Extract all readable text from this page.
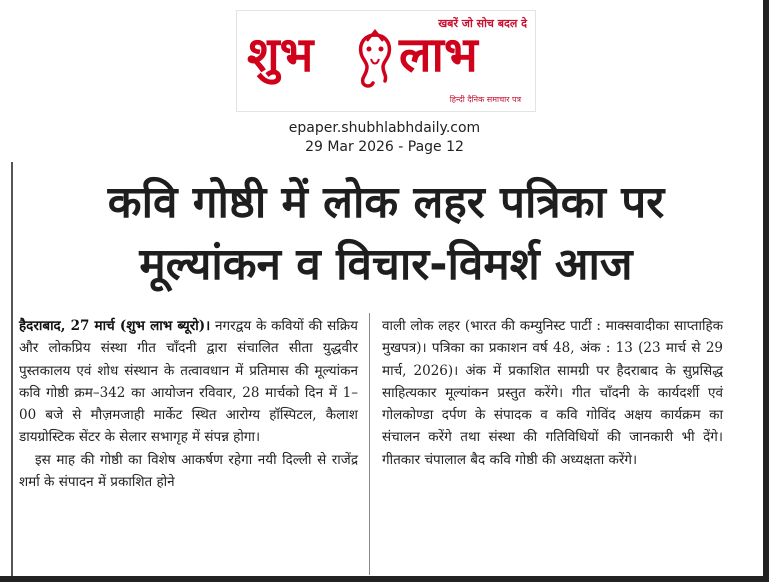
खबरें जो सोच बदल दे
शुभ लाभ
हिन्दी दैनिक समाचार पत्र
epaper.shubhlabhdaily.com
29 Mar 2026 - Page 12
कवि गोष्ठी में लोक लहर पत्रिका पर
मूल्यांकन व विचार-विमर्श आज

हैदराबाद, 27 मार्च (शुभ लाभ ब्यूरो)। नगरद्वय के कवियों की सक्रिय और लोकप्रिय संस्था गीत चाँदनी द्वारा संचालित सीता युद्धवीर पुस्तकालय एवं शोध संस्थान के तत्वावधान में प्रतिमास की मूल्यांकन कवि गोष्ठी क्रम–342 का आयोजन रविवार, 28 मार्चको दिन में 1–00 बजे से मौज़मजाही मार्केट स्थित आरोग्य हॉस्पिटल, कैलाश डायग्रोस्टिक सेंटर के सेलार सभागृह में संपन्न होगा।

इस माह की गोष्ठी का विशेष आकर्षण रहेगा नयी दिल्ली से राजेंद्र शर्मा के संपादन में प्रकाशित होने

वाली लोक लहर (भारत की कम्युनिस्ट पार्टी : माक्सवादीका साप्ताहिक मुखपत्र)। पत्रिका का प्रकाशन वर्ष 48, अंक : 13 (23 मार्च से 29 मार्च, 2026)। अंक में प्रकाशित सामग्री पर हैदराबाद के सुप्रसिद्ध साहित्यकार मूल्यांकन प्रस्तुत करेंगे। गीत चाँदनी के कार्यदर्शी एवं गोलकोण्डा दर्पण के संपादक व कवि गोविंद अक्षय कार्यक्रम का संचालन करेंगे तथा संस्था की गतिविधियों की जानकारी भी देंगे। गीतकार चंपालाल बैद कवि गोष्ठी की अध्यक्षता करेंगे।
